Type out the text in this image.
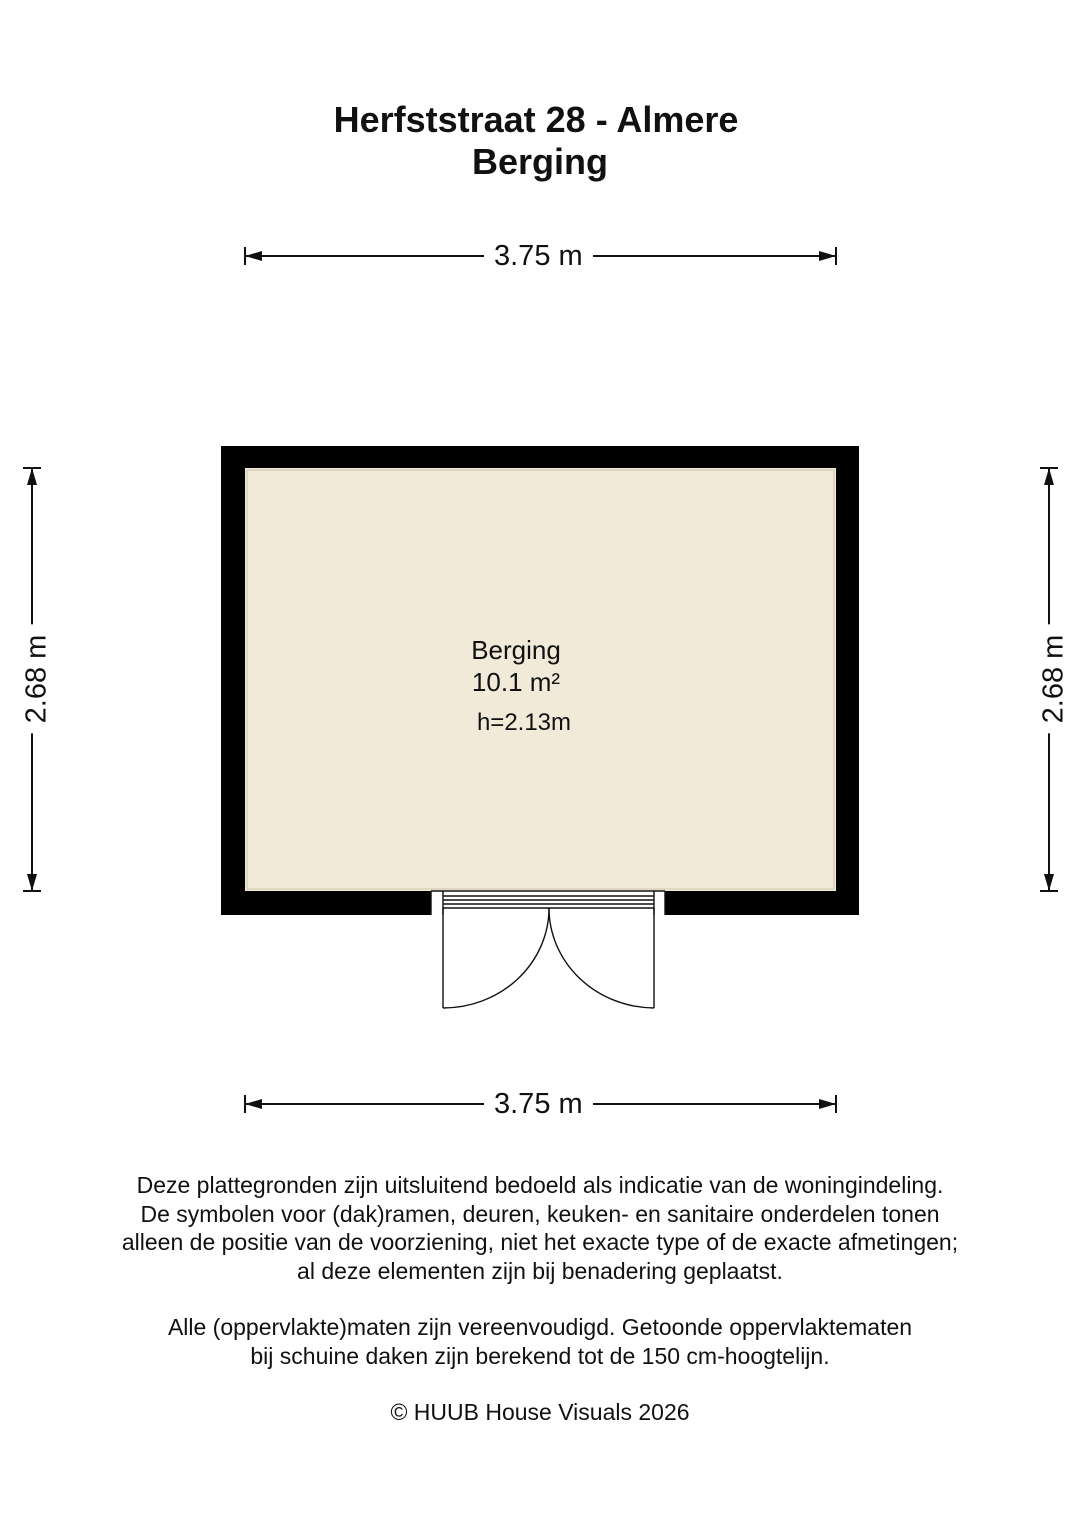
Herfststraat 28 - Almere
Berging
3.75 m
3.75 m
2.68 m	2.68 m
Berging
10.1 m²
h=2.13m
Deze plattegronden zijn uitsluitend bedoeld als indicatie van de woningindeling.
De symbolen voor (dak)ramen, deuren, keuken- en sanitaire onderdelen tonen
alleen de positie van de voorziening, niet het exacte type of de exacte afmetingen;
al deze elementen zijn bij benadering geplaatst.
Alle (oppervlakte)maten zijn vereenvoudigd. Getoonde oppervlaktematen
bij schuine daken zijn berekend tot de 150 cm-hoogtelijn.
© HUUB House Visuals 2026
